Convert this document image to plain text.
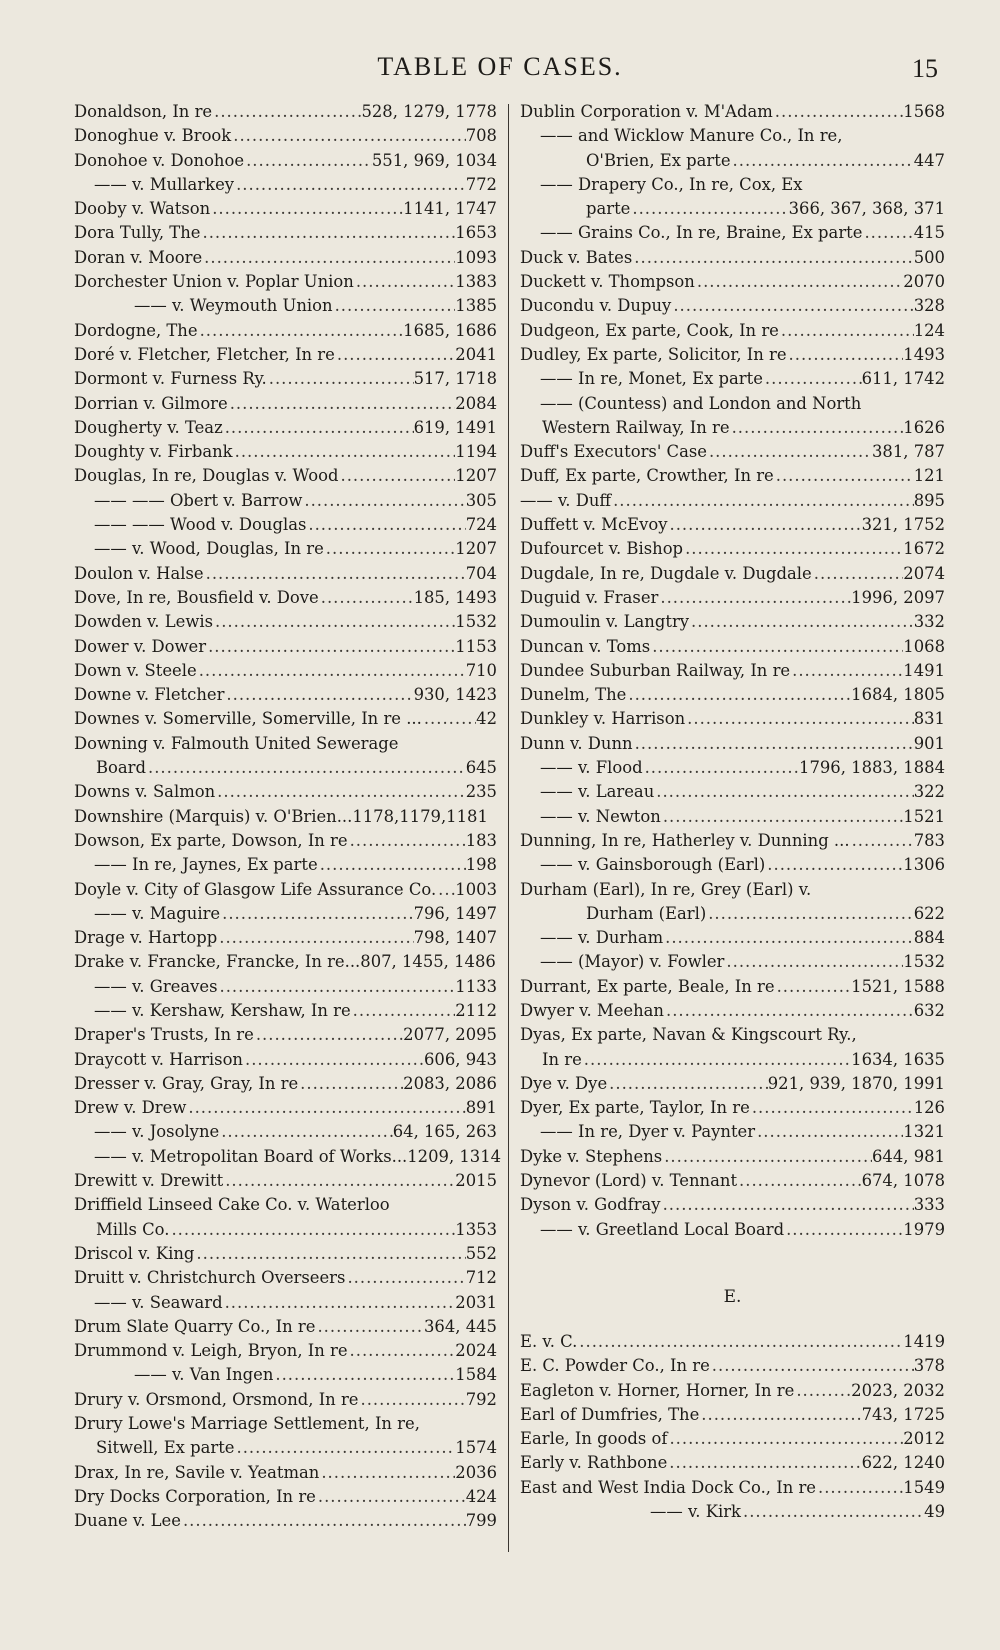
TABLE OF CASES.	15
Donaldson, In re .....	528, 1279, 1778
Donoghue v. Brook .....	708
Donohoe v. Donohoe .....	551, 969, 1034
—— v. Mullarkey .....	772
Dooby v. Watson .....	1141, 1747
Dora Tully, The .....	1653
Doran v. Moore .....	1093
Dorchester Union v. Poplar Union .....	1383
—— v. Weymouth Union .....	1385
Dordogne, The .....	1685, 1686
Doré v. Fletcher, Fletcher, In re .....	2041
Dormont v. Furness Ry. .....	517, 1718
Dorrian v. Gilmore .....	2084
Dougherty v. Teaz .....	619, 1491
Doughty v. Firbank .....	1194
Douglas, In re, Douglas v. Wood .....	1207
—— —— Obert v. Barrow .....	305
—— —— Wood v. Douglas .....	724
—— v. Wood, Douglas, In re .....	1207
Doulon v. Halse .....	704
Dove, In re, Bousfield v. Dove .....	185, 1493
Dowden v. Lewis .....	1532
Dower v. Dower .....	1153
Down v. Steele .....	710
Downe v. Fletcher .....	930, 1423
Downes v. Somerville, Somerville, In re ... .....	42
Downing v. Falmouth United Sewerage
Board .....	645
Downs v. Salmon .....	235
Downshire (Marquis) v. O'Brien...1178,1179,1181
Dowson, Ex parte, Dowson, In re .....	183
—— In re, Jaynes, Ex parte .....	198
Doyle v. City of Glasgow Life Assurance Co. ..... 1003
—— v. Maguire .....	796, 1497
Drage v. Hartopp .....	798, 1407
Drake v. Francke, Francke, In re...807, 1455, 1486
—— v. Greaves .....	1133
—— v. Kershaw, Kershaw, In re .....	2112
Draper's Trusts, In re .....	2077, 2095
Draycott v. Harrison .....	606, 943
Dresser v. Gray, Gray, In re .....	2083, 2086
Drew v. Drew .....	891
—— v. Josolyne .....	64, 165, 263
—— v. Metropolitan Board of Works...1209, 1314
Drewitt v. Drewitt .....	2015
Driffield Linseed Cake Co. v. Waterloo
Mills Co. .....	1353
Driscol v. King .....	552
Druitt v. Christchurch Overseers .....	712
—— v. Seaward .....	2031
Drum Slate Quarry Co., In re .....	364, 445
Drummond v. Leigh, Bryon, In re .....	2024
—— v. Van Ingen .....	1584
Drury v. Orsmond, Orsmond, In re .....	792
Drury Lowe's Marriage Settlement, In re,
Sitwell, Ex parte .....	1574
Drax, In re, Savile v. Yeatman .....	2036
Dry Docks Corporation, In re .....	424
Duane v. Lee .....	799
Dublin Corporation v. M'Adam .....	1568
—— and Wicklow Manure Co., In re,
O'Brien, Ex parte .....	447
—— Drapery Co., In re, Cox, Ex
parte .....	366, 367, 368, 371
—— Grains Co., In re, Braine, Ex parte .....	415
Duck v. Bates .....	500
Duckett v. Thompson .....	2070
Ducondu v. Dupuy .....	328
Dudgeon, Ex parte, Cook, In re .....	124
Dudley, Ex parte, Solicitor, In re .....	1493
—— In re, Monet, Ex parte .....	611, 1742
—— (Countess) and London and North
Western Railway, In re .....	1626
Duff's Executors' Case .....	381, 787
Duff, Ex parte, Crowther, In re .....	121
—— v. Duff .....	895
Duffett v. McEvoy .....	321, 1752
Dufourcet v. Bishop .....	1672
Dugdale, In re, Dugdale v. Dugdale .....	2074
Duguid v. Fraser .....	1996, 2097
Dumoulin v. Langtry .....	332
Duncan v. Toms .....	1068
Dundee Suburban Railway, In re .....	1491
Dunelm, The .....	1684, 1805
Dunkley v. Harrison .....	831
Dunn v. Dunn .....	901
—— v. Flood .....	1796, 1883, 1884
—— v. Lareau .....	322
—— v. Newton .....	1521
Dunning, In re, Hatherley v. Dunning ... .....	783
—— v. Gainsborough (Earl) .....	1306
Durham (Earl), In re, Grey (Earl) v.
Durham (Earl) .....	622
—— v. Durham .....	884
—— (Mayor) v. Fowler .....	1532
Durrant, Ex parte, Beale, In re .....	1521, 1588
Dwyer v. Meehan .....	632
Dyas, Ex parte, Navan & Kingscourt Ry.,
In re .....	1634, 1635
Dye v. Dye .....	921, 939, 1870, 1991
Dyer, Ex parte, Taylor, In re .....	126
—— In re, Dyer v. Paynter .....	1321
Dyke v. Stephens .....	644, 981
Dynevor (Lord) v. Tennant .....	674, 1078
Dyson v. Godfray .....	333
—— v. Greetland Local Board .....	1979
E.
E. v. C. .....	1419
E. C. Powder Co., In re .....	378
Eagleton v. Horner, Horner, In re .....	2023, 2032
Earl of Dumfries, The .....	743, 1725
Earle, In goods of .....	2012
Early v. Rathbone .....	622, 1240
East and West India Dock Co., In re .....	1549
—— v. Kirk .....	49
